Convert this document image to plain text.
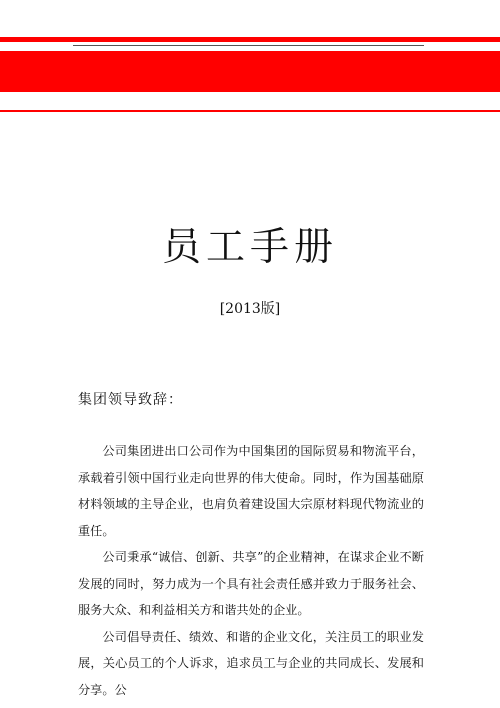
员工手册
[2013版]
集团领导致辞：

公司集团进出口公司作为中国集团的国际贸易和物流平台，承载着引领中国行业走向世界的伟大使命。同时，作为国基础原材料领域的主导企业，也肩负着建设国大宗原材料现代物流业的重任。

公司秉承“诚信、创新、共享”的企业精神，在谋求企业不断发展的同时，努力成为一个具有社会责任感并致力于服务社会、服务大众、和利益相关方和谐共处的企业。

公司倡导责任、绩效、和谐的企业文化，关注员工的职业发展，关心员工的个人诉求，追求员工与企业的共同成长、发展和分享。公
